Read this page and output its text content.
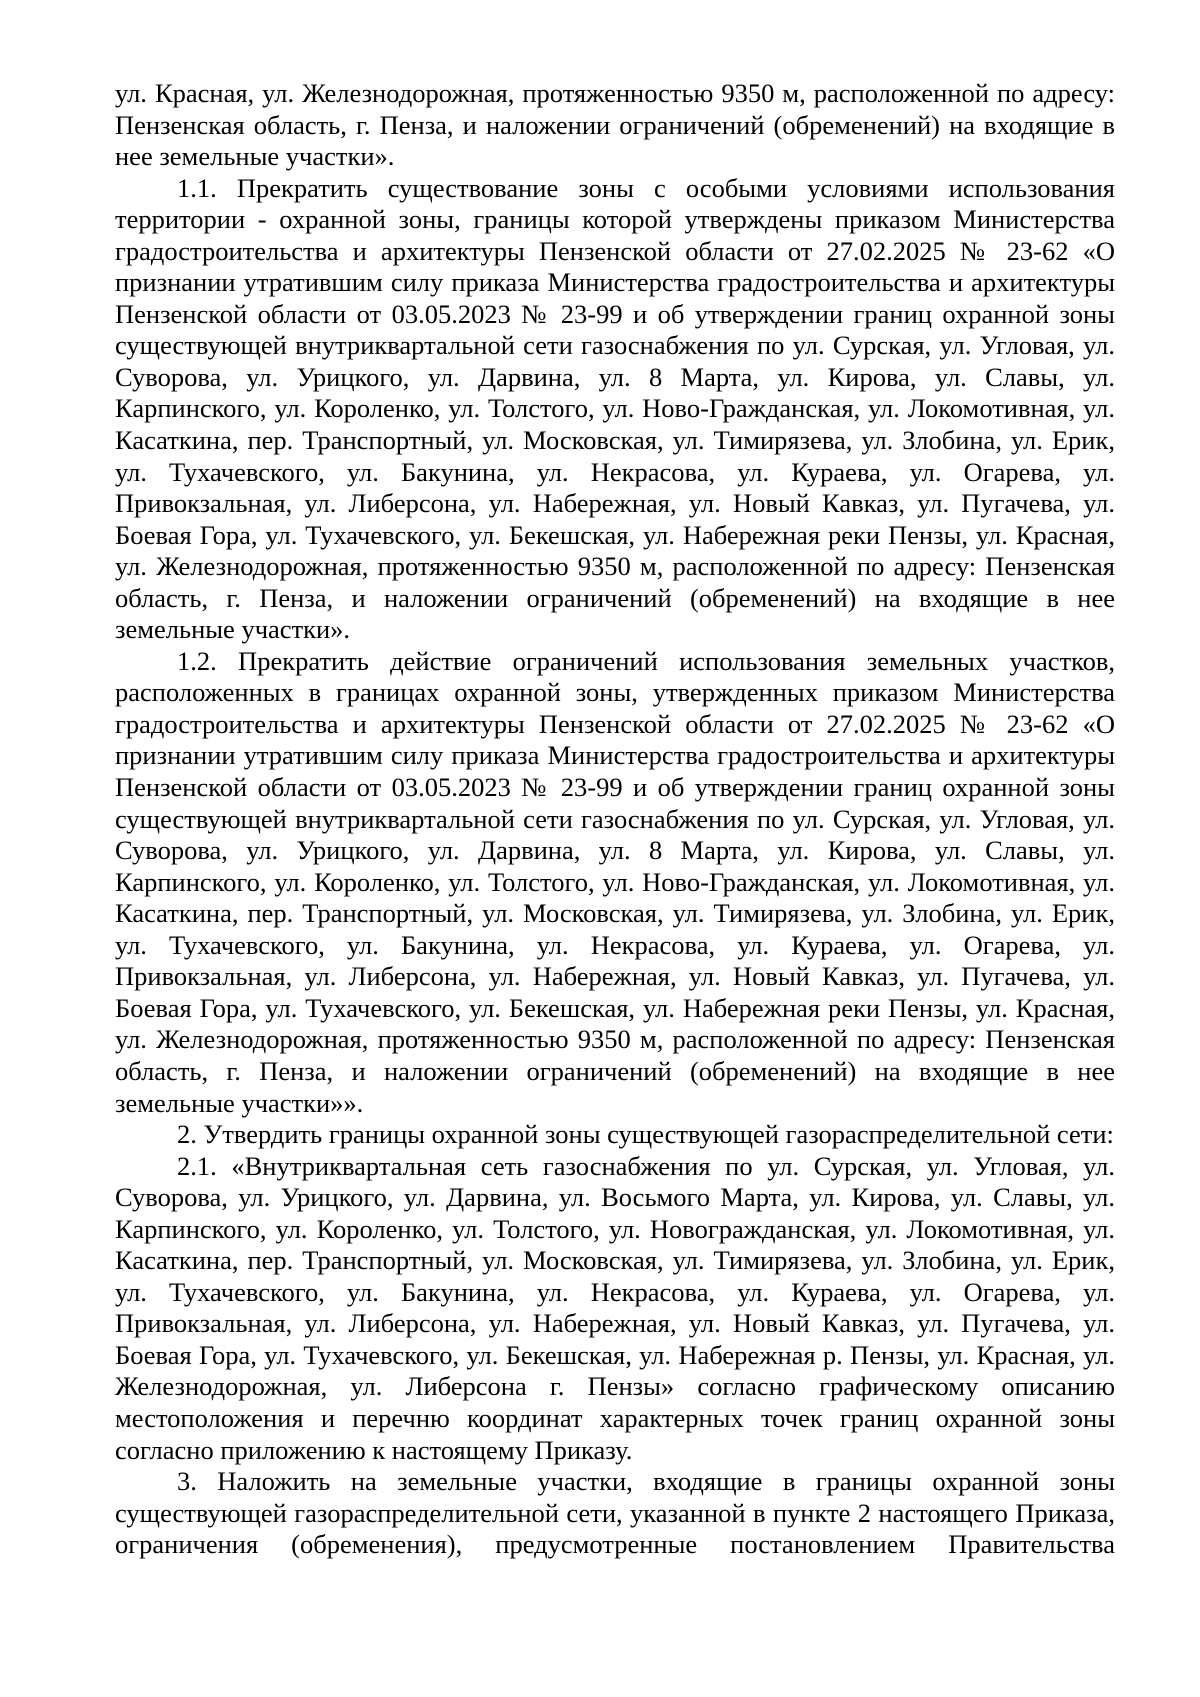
ул. Красная, ул. Железнодорожная, протяженностью 9350 м, расположенной по адресу: Пензенская область, г. Пенза, и наложении ограничений (обременений) на входящие в нее земельные участки».

1.1. Прекратить существование зоны с особыми условиями использования территории - охранной зоны, границы которой утверждены приказом Министерства градостроительства и архитектуры Пензенской области от 27.02.2025 № 23-62 «О признании утратившим силу приказа Министерства градостроительства и архитектуры Пензенской области от 03.05.2023 № 23-99 и об утверждении границ охранной зоны существующей внутриквартальной сети газоснабжения по ул. Сурская, ул. Угловая, ул. Суворова, ул. Урицкого, ул. Дарвина, ул. 8 Марта, ул. Кирова, ул. Славы, ул. Карпинского, ул. Короленко, ул. Толстого, ул. Ново-Гражданская, ул. Локомотивная, ул. Касаткина, пер. Транспортный, ул. Московская, ул. Тимирязева, ул. Злобина, ул. Ерик, ул. Тухачевского, ул. Бакунина, ул. Некрасова, ул. Кураева, ул. Огарева, ул. Привокзальная, ул. Либерсона, ул. Набережная, ул. Новый Кавказ, ул. Пугачева, ул. Боевая Гора, ул. Тухачевского, ул. Бекешская, ул. Набережная реки Пензы, ул. Красная, ул. Железнодорожная, протяженностью 9350 м, расположенной по адресу: Пензенская область, г. Пенза, и наложении ограничений (обременений) на входящие в нее земельные участки».

1.2. Прекратить действие ограничений использования земельных участков, расположенных в границах охранной зоны, утвержденных приказом Министерства градостроительства и архитектуры Пензенской области от 27.02.2025 № 23-62 «О признании утратившим силу приказа Министерства градостроительства и архитектуры Пензенской области от 03.05.2023 № 23-99 и об утверждении границ охранной зоны существующей внутриквартальной сети газоснабжения по ул. Сурская, ул. Угловая, ул. Суворова, ул. Урицкого, ул. Дарвина, ул. 8 Марта, ул. Кирова, ул. Славы, ул. Карпинского, ул. Короленко, ул. Толстого, ул. Ново-Гражданская, ул. Локомотивная, ул. Касаткина, пер. Транспортный, ул. Московская, ул. Тимирязева, ул. Злобина, ул. Ерик, ул. Тухачевского, ул. Бакунина, ул. Некрасова, ул. Кураева, ул. Огарева, ул. Привокзальная, ул. Либерсона, ул. Набережная, ул. Новый Кавказ, ул. Пугачева, ул. Боевая Гора, ул. Тухачевского, ул. Бекешская, ул. Набережная реки Пензы, ул. Красная, ул. Железнодорожная, протяженностью 9350 м, расположенной по адресу: Пензенская область, г. Пенза, и наложении ограничений (обременений) на входящие в нее земельные участки»».

2. Утвердить границы охранной зоны существующей газораспределительной сети:

2.1. «Внутриквартальная сеть газоснабжения по ул. Сурская, ул. Угловая, ул. Суворова, ул. Урицкого, ул. Дарвина, ул. Восьмого Марта, ул. Кирова, ул. Славы, ул. Карпинского, ул. Короленко, ул. Толстого, ул. Новогражданская, ул. Локомотивная, ул. Касаткина, пер. Транспортный, ул. Московская, ул. Тимирязева, ул. Злобина, ул. Ерик, ул. Тухачевского, ул. Бакунина, ул. Некрасова, ул. Кураева, ул. Огарева, ул. Привокзальная, ул. Либерсона, ул. Набережная, ул. Новый Кавказ, ул. Пугачева, ул. Боевая Гора, ул. Тухачевского, ул. Бекешская, ул. Набережная р. Пензы, ул. Красная, ул. Железнодорожная, ул. Либерсона г. Пензы» согласно графическому описанию местоположения и перечню координат характерных точек границ охранной зоны согласно приложению к настоящему Приказу.

3. Наложить на земельные участки, входящие в границы охранной зоны существующей газораспределительной сети, указанной в пункте 2 настоящего Приказа, ограничения (обременения), предусмотренные постановлением Правительства
